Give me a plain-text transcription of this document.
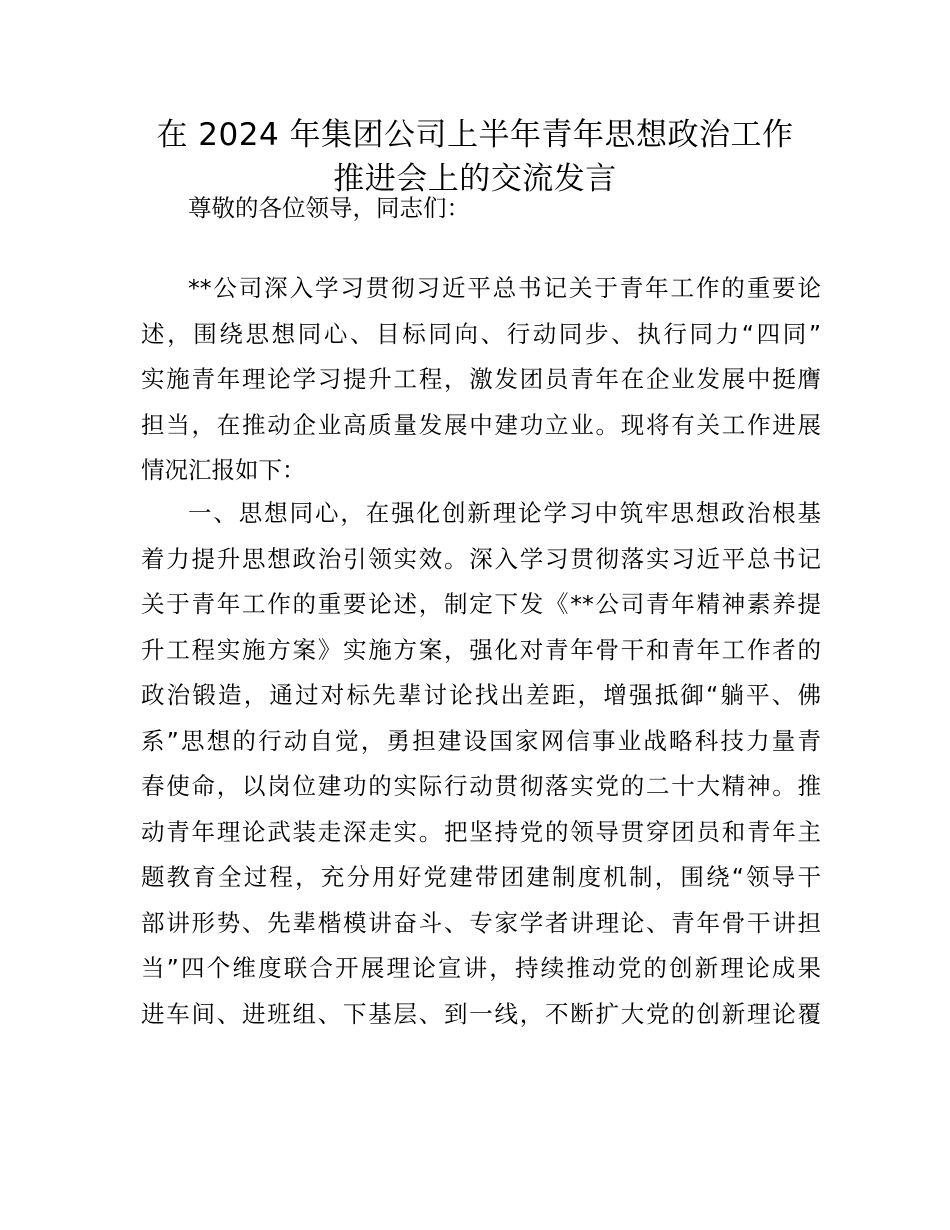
在 2024 年集团公司上半年青年思想政治工作
推进会上的交流发言
尊敬的各位领导，同志们：
**公司深入学习贯彻习近平总书记关于青年工作的重要论
述，围绕思想同心、目标同向、行动同步、执行同力“四同”
实施青年理论学习提升工程，激发团员青年在企业发展中挺膺
担当，在推动企业高质量发展中建功立业。现将有关工作进展
情况汇报如下：
一、思想同心，在强化创新理论学习中筑牢思想政治根基
着力提升思想政治引领实效。深入学习贯彻落实习近平总书记
关于青年工作的重要论述，制定下发《**公司青年精神素养提
升工程实施方案》实施方案，强化对青年骨干和青年工作者的
政治锻造，通过对标先辈讨论找出差距，增强抵御“躺平、佛
系”思想的行动自觉，勇担建设国家网信事业战略科技力量青
春使命，以岗位建功的实际行动贯彻落实党的二十大精神。推
动青年理论武装走深走实。把坚持党的领导贯穿团员和青年主
题教育全过程，充分用好党建带团建制度机制，围绕“领导干
部讲形势、先辈楷模讲奋斗、专家学者讲理论、青年骨干讲担
当”四个维度联合开展理论宣讲，持续推动党的创新理论成果
进车间、进班组、下基层、到一线，不断扩大党的创新理论覆
